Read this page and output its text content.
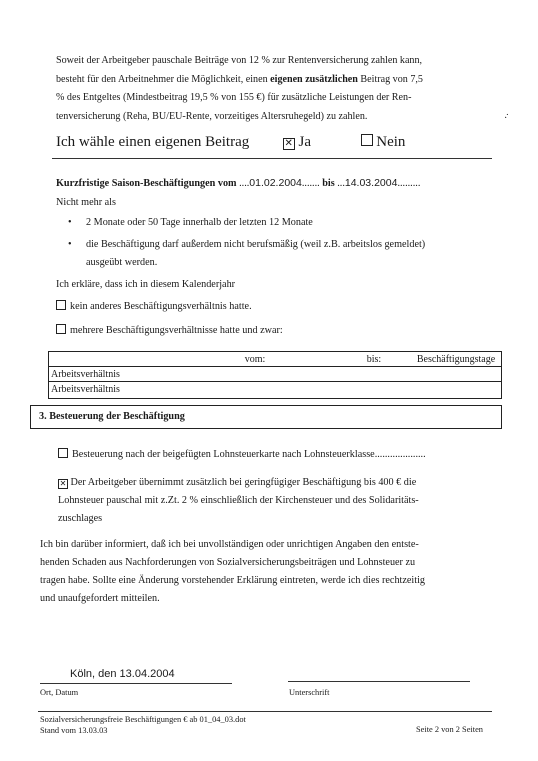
Soweit der Arbeitgeber pauschale Beiträge von 12 % zur Rentenversicherung zahlen kann,
besteht für den Arbeitnehmer die Möglichkeit, einen eigenen zusätzlichen Beitrag von 7,5
% des Entgeltes (Mindestbeitrag 19,5 % von 155 €) für zusätzliche Leistungen der Ren-
tenversicherung (Reha, BU/EU-Rente, vorzeitiges Altersruhegeld) zu zahlen.	·̇
Ich wähle einen eigenen Beitrag	✕ Ja	Nein
Kurzfristige Saison-Beschäftigungen vom ....01.02.2004....... bis ...14.03.2004.........
Nicht mehr als
• 2 Monate oder 50 Tage innerhalb der letzten 12 Monate
• die Beschäftigung darf außerdem nicht berufsmäßig (weil z.B. arbeitslos gemeldet)
ausgeübt werden.
Ich erkläre, dass ich in diesem Kalenderjahr
kein anderes Beschäftigungsverhältnis hatte.
mehrere Beschäftigungsverhältnisse hatte und zwar:
	vom:	bis:	Beschäftigungstage
Arbeitsverhältnis			
Arbeitsverhältnis			
3. Besteuerung der Beschäftigung
Besteuerung nach der beigefügten Lohnsteuerkarte nach Lohnsteuerklasse....................
✕ Der Arbeitgeber übernimmt zusätzlich bei geringfügiger Beschäftigung bis 400 € die
Lohnsteuer pauschal mit z.Zt. 2 % einschließlich der Kirchensteuer und des Solidaritäts-
zuschlages
Ich bin darüber informiert, daß ich bei unvollständigen oder unrichtigen Angaben den entste-
henden Schaden aus Nachforderungen von Sozialversicherungsbeiträgen und Lohnsteuer zu
tragen habe. Sollte eine Änderung vorstehender Erklärung eintreten, werde ich dies rechtzeitig
und unaufgefordert mitteilen.
Köln, den 13.04.2004
Ort, Datum	Unterschrift
Sozialversicherungsfreie Beschäftigungen € ab 01_04_03.dot
Stand vom 13.03.03	Seite 2 von 2 Seiten
